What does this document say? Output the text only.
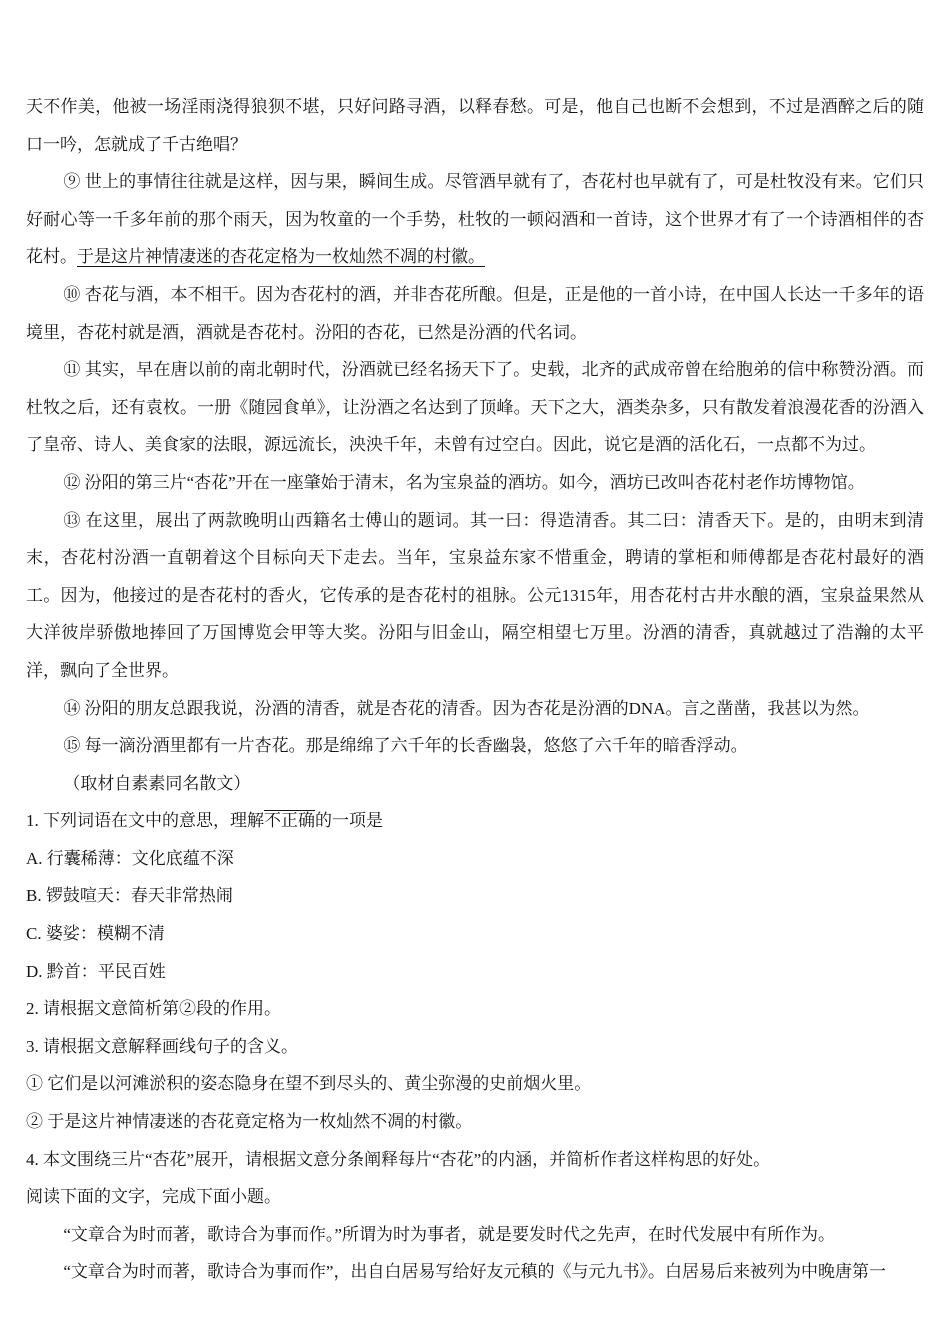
天不作美，他被一场淫雨浇得狼狈不堪，只好问路寻酒，以释春愁。可是，他自己也断不会想到，不过是酒醉之后的随口一吟，怎就成了千古绝唱？

⑨ 世上的事情往往就是这样，因与果，瞬间生成。尽管酒早就有了，杏花村也早就有了，可是杜牧没有来。它们只好耐心等一千多年前的那个雨天，因为牧童的一个手势，杜牧的一顿闷酒和一首诗，这个世界才有了一个诗酒相伴的杏花村。于是这片神情凄迷的杏花定格为一枚灿然不凋的村徽。

⑩ 杏花与酒，本不相干。因为杏花村的酒，并非杏花所酿。但是，正是他的一首小诗，在中国人长达一千多年的语境里，杏花村就是酒，酒就是杏花村。汾阳的杏花，已然是汾酒的代名词。

⑪ 其实，早在唐以前的南北朝时代，汾酒就已经名扬天下了。史载，北齐的武成帝曾在给胞弟的信中称赞汾酒。而杜牧之后，还有袁枚。一册《随园食单》，让汾酒之名达到了顶峰。天下之大，酒类杂多，只有散发着浪漫花香的汾酒入了皇帝、诗人、美食家的法眼，源远流长，泱泱千年，未曾有过空白。因此，说它是酒的活化石，一点都不为过。

⑫ 汾阳的第三片“杏花”开在一座肇始于清末，名为宝泉益的酒坊。如今，酒坊已改叫杏花村老作坊博物馆。

⑬ 在这里，展出了两款晚明山西籍名士傅山的题词。其一曰：得造清香。其二曰：清香天下。是的，由明末到清末，杏花村汾酒一直朝着这个目标向天下走去。当年，宝泉益东家不惜重金，聘请的掌柜和师傅都是杏花村最好的酒工。因为，他接过的是杏花村的香火，它传承的是杏花村的祖脉。公元1315年，用杏花村古井水酿的酒，宝泉益果然从大洋彼岸骄傲地捧回了万国博览会甲等大奖。汾阳与旧金山，隔空相望七万里。汾酒的清香，真就越过了浩瀚的太平洋，飘向了全世界。

⑭ 汾阳的朋友总跟我说，汾酒的清香，就是杏花的清香。因为杏花是汾酒的DNA。言之凿凿，我甚以为然。

⑮ 每一滴汾酒里都有一片杏花。那是绵绵了六千年的长香幽袅，悠悠了六千年的暗香浮动。

（取材自素素同名散文）

1. 下列词语在文中的意思，理解不正确的一项是

A. 行囊稀薄：文化底蕴不深

B. 锣鼓喧天：春天非常热闹

C. 婆娑：模糊不清

D. 黔首：平民百姓

2. 请根据文意简析第②段的作用。

3. 请根据文意解释画线句子的含义。

① 它们是以河滩淤积的姿态隐身在望不到尽头的、黄尘弥漫的史前烟火里。

② 于是这片神情凄迷的杏花竟定格为一枚灿然不凋的村徽。

4. 本文围绕三片“杏花”展开，请根据文意分条阐释每片“杏花”的内涵，并简析作者这样构思的好处。

阅读下面的文字，完成下面小题。

“文章合为时而著，歌诗合为事而作。”所谓为时为事者，就是要发时代之先声，在时代发展中有所作为。

“文章合为时而著，歌诗合为事而作”，出自白居易写给好友元稹的《与元九书》。白居易后来被列为中晚唐第一
